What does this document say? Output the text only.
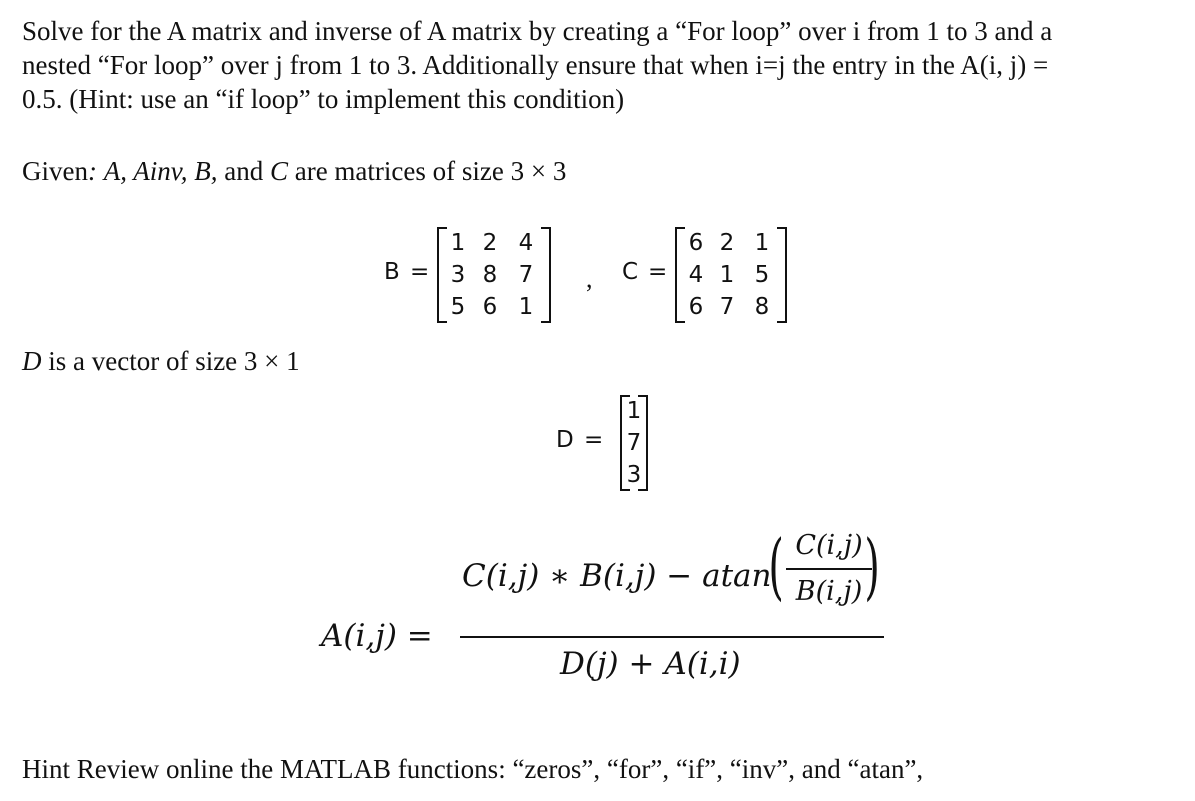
Solve for the A matrix and inverse of A matrix by creating a “For loop” over i from 1 to 3 and a
nested “For loop” over j from 1 to 3. Additionally ensure that when i=j the entry in the A(i, j) =
0.5. (Hint: use an “if loop” to implement this condition)
Given: A, Ainv, B, and C are matrices of size 3 × 3
B =
1 2 4
3 8 7
5 6 1
, C =
6 2 1
4 1 5
6 7 8
D is a vector of size 3 × 1
D =
1
7
3
A(i,j) =
C(i,j) ∗ B(i,j) − atan
( C(i,j)
B(i,j) )
D(j) + A(i,i)
Hint Review online the MATLAB functions: “zeros”, “for”, “if”, “inv”, and “atan”,
